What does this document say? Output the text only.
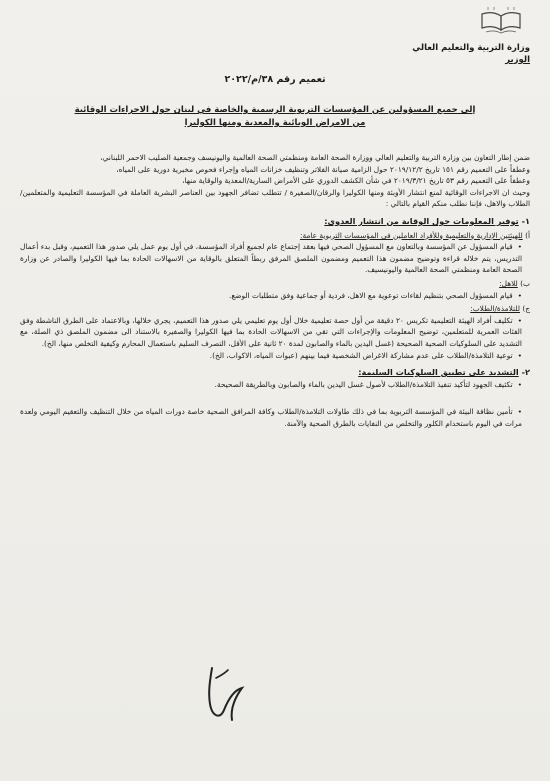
وزارة التربية والتعليم العالي
الوزير
تعميم رقم ٣٨/م/٢٠٢٢
إلى جميع المسؤولين عن المؤسسات التربوية الرسمية والخاصة في لبنان حول الاجراءات الوقائية
من الامراض الوبائية والمعدية ومنها الكوليرا

ضمن إطار التعاون بين وزارة التربية والتعليم العالي ووزارة الصحة العامة ومنظمتي الصحة العالمية واليونيسف وجمعية الصليب الاحمر اللبناني،

وعطفاً على التعميم رقم ١٥١ تاريخ ٢٠١٩/١٢/٢ حول الزامية صيانة الفلاتر وتنظيف خزانات المياه وإجراء فحوص مخبرية دورية على المياه،

وعطفاً على التعميم رقم ٥٣ تاريخ ٢٠١٩/٣/٢١ في شأن الكشف الدوري على الأمراض السارية/المعدية والوقاية منها،

وحيث ان الاجراءات الوقائية لمنع انتشار الأوبئة ومنها الكوليرا والرقان/الصفيرة / تتطلب تضافر الجهود بين العناصر البشرية العاملة في المؤسسة التعليمية والمتعلمين/الطلاب والاهل، فإننا نطلب منكم القيام بالتالي :

١- توفير المعلومات حول الوقاية من انتشار العدوى:

أ) للهيئتين الإدارية والتعليمية وللأفراد العاملين في المؤسسات التربوية عامة:

• قيام المسؤول عن المؤسسة وبالتعاون مع المسؤول الصحي فيها بعقد إجتماع عام لجميع أفراد المؤسسة، في أول يوم عمل يلي صدور هذا التعميم، وقبل بدء أعمال التدريس، يتم خلاله قراءة وتوضيح مضمون هذا التعميم ومضمون الملصق المرفق ربطاً المتعلق بالوقاية من الاسهالات الحادة بما فيها الكوليرا والصادر عن وزارة الصحة العامة ومنظمتي الصحة العالمية واليونيسيف.

ب) للاهل:

• قيام المسؤول الصحي بتنظيم لقاءات توعوية مع الاهل، فردية أو جماعية وفق متطلبات الوضع.

ج) للتلامذة/الطلاب:

• تكليف أفراد الهيئة التعليمية تكريس ٢٠ دقيقة من أول حصة تعليمية خلال أول يوم تعليمي يلي صدور هذا التعميم، يجري خلالها، وبالاعتماد على الطرق الناشطة وفق الفئات العمرية للمتعلمين، توضيح المعلومات والإجراءات التي تقي من الاسهالات الحادة بما فيها الكوليرا والصفيرة بالاستناد الى مضمون الملصق ذي الصلة، مع التشديد على السلوكيات الصحية الصحيحة (غسل اليدين بالماء والصابون لمدة ٢٠ ثانية على الأقل، التصرف السليم باستعمال المحارم وكيفية التخلص منها، الخ).

• توعية التلامذة/الطلاب على عدم مشاركة الاغراض الشخصية فيما بينهم (عبوات المياه، الاكواب، الخ).

٢- التشديد على تطبيق السلوكيات السليمة:

• تكثيف الجهود لتأكيد تنفيذ التلامذة/الطلاب لأصول غسل اليدين بالماء والصابون وبالطريقة الصحيحة.

• تأمين نظافة البيئة في المؤسسة التربوية بما في ذلك طاولات التلامذة/الطلاب وكافة المرافق الصحية خاصة دورات المياه من خلال التنظيف والتعقيم اليومي ولعدة مرات في اليوم باستخدام الكلور والتخلص من النفايات بالطرق الصحية والآمنة.
